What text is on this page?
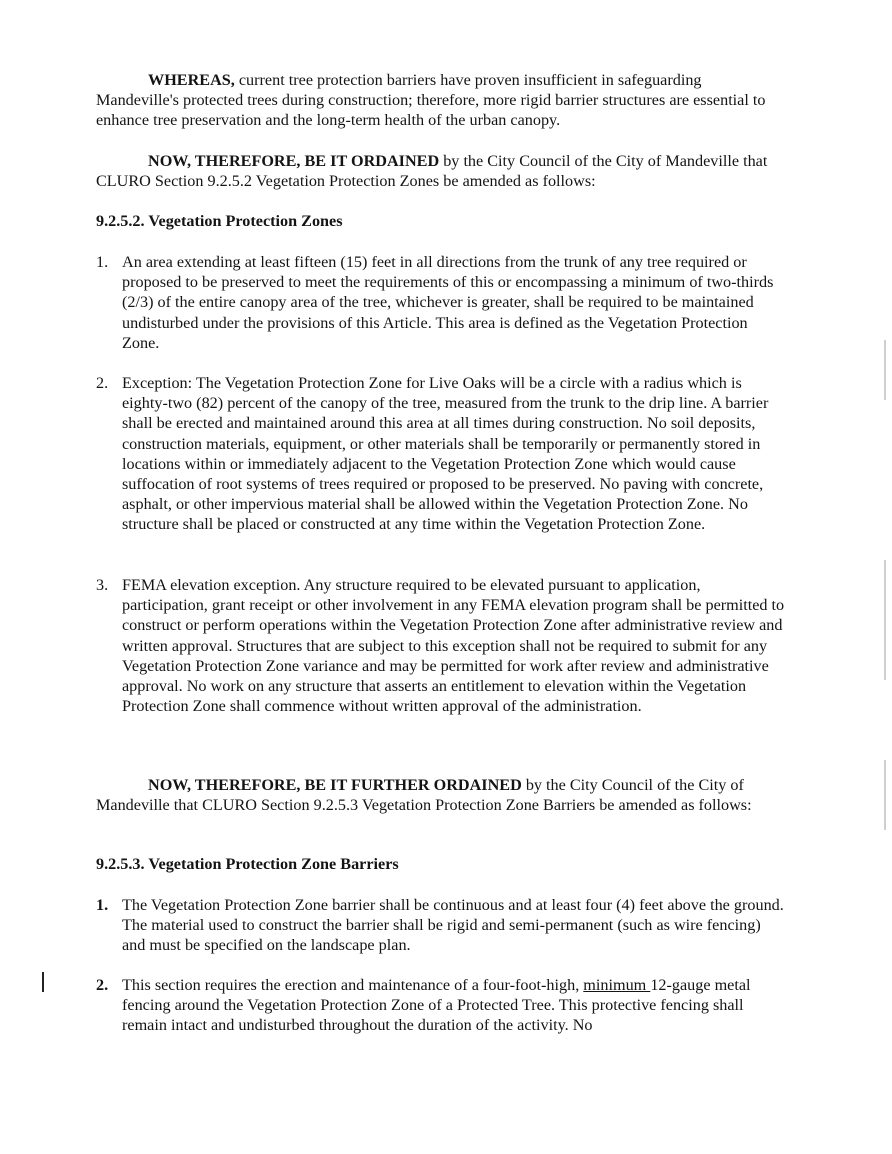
WHEREAS, current tree protection barriers have proven insufficient in safeguarding Mandeville's protected trees during construction; therefore, more rigid barrier structures are essential to enhance tree preservation and the long-term health of the urban canopy.

NOW, THEREFORE, BE IT ORDAINED by the City Council of the City of Mandeville that CLURO Section 9.2.5.2 Vegetation Protection Zones be amended as follows:

9.2.5.2. Vegetation Protection Zones

1. An area extending at least fifteen (15) feet in all directions from the trunk of any tree required or proposed to be preserved to meet the requirements of this or encompassing a minimum of two-thirds (2/3) of the entire canopy area of the tree, whichever is greater, shall be required to be maintained undisturbed under the provisions of this Article. This area is defined as the Vegetation Protection Zone.
2. Exception: The Vegetation Protection Zone for Live Oaks will be a circle with a radius which is eighty-two (82) percent of the canopy of the tree, measured from the trunk to the drip line. A barrier shall be erected and maintained around this area at all times during construction. No soil deposits, construction materials, equipment, or other materials shall be temporarily or permanently stored in locations within or immediately adjacent to the Vegetation Protection Zone which would cause suffocation of root systems of trees required or proposed to be preserved. No paving with concrete, asphalt, or other impervious material shall be allowed within the Vegetation Protection Zone. No structure shall be placed or constructed at any time within the Vegetation Protection Zone.
3. FEMA elevation exception. Any structure required to be elevated pursuant to application, participation, grant receipt or other involvement in any FEMA elevation program shall be permitted to construct or perform operations within the Vegetation Protection Zone after administrative review and written approval. Structures that are subject to this exception shall not be required to submit for any Vegetation Protection Zone variance and may be permitted for work after review and administrative approval. No work on any structure that asserts an entitlement to elevation within the Vegetation Protection Zone shall commence without written approval of the administration.

NOW, THEREFORE, BE IT FURTHER ORDAINED by the City Council of the City of Mandeville that CLURO Section 9.2.5.3 Vegetation Protection Zone Barriers be amended as follows:

9.2.5.3. Vegetation Protection Zone Barriers

1. The Vegetation Protection Zone barrier shall be continuous and at least four (4) feet above the ground. The material used to construct the barrier shall be rigid and semi-permanent (such as wire fencing) and must be specified on the landscape plan.
2. This section requires the erection and maintenance of a four-foot-high, minimum 12-gauge metal fencing around the Vegetation Protection Zone of a Protected Tree. This protective fencing shall remain intact and undisturbed throughout the duration of the activity. No
